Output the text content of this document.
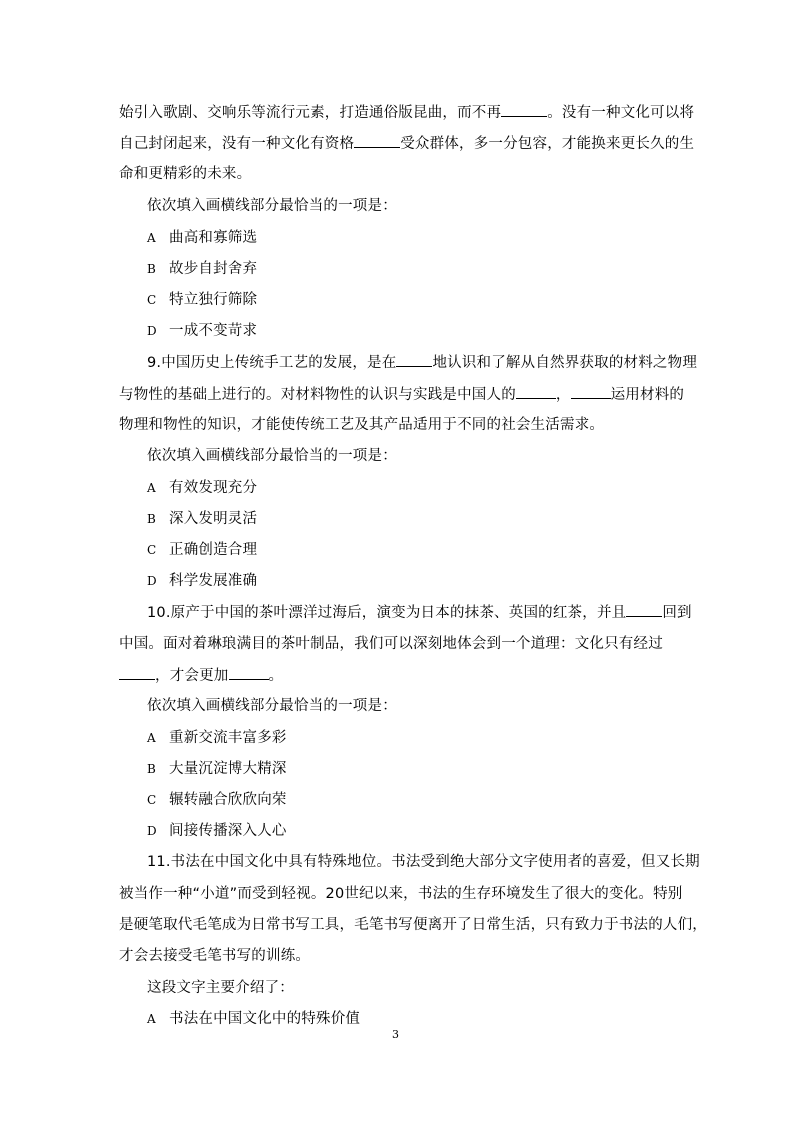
始引入歌剧、交响乐等流行元素，打造通俗版昆曲，而不再	。没有一种文化可以将
自己封闭起来，没有一种文化有资格	受众群体，多一分包容，才能换来更长久的生
命和更精彩的未来。
依次填入画横线部分最恰当的一项是：
A 曲高和寡筛选
B 故步自封舍弃
C 特立独行筛除
D 一成不变苛求
9.中国历史上传统手工艺的发展，是在 地认识和了解从自然界获取的材料之物理
与物性的基础上进行的。对材料物性的认识与实践是中国人的	，	运用材料的
物理和物性的知识，才能使传统工艺及其产品适用于不同的社会生活需求。
依次填入画横线部分最恰当的一项是：
A 有效发现充分
B 深入发明灵活
C 正确创造合理
D 科学发展准确
10.原产于中国的茶叶漂洋过海后，演变为日本的抹茶、英国的红茶，并且 回到
中国。面对着琳琅满目的茶叶制品，我们可以深刻地体会到一个道理：文化只有经过
，才会更加	。
依次填入画横线部分最恰当的一项是：
A 重新交流丰富多彩
B 大量沉淀博大精深
C 辗转融合欣欣向荣
D 间接传播深入人心
11.书法在中国文化中具有特殊地位。书法受到绝大部分文字使用者的喜爱，但又长期
被当作一种“小道”而受到轻视。20世纪以来，书法的生存环境发生了很大的变化。特别
是硬笔取代毛笔成为日常书写工具，毛笔书写便离开了日常生活，只有致力于书法的人们，
才会去接受毛笔书写的训练。
这段文字主要介绍了：
A 书法在中国文化中的特殊价值
3
